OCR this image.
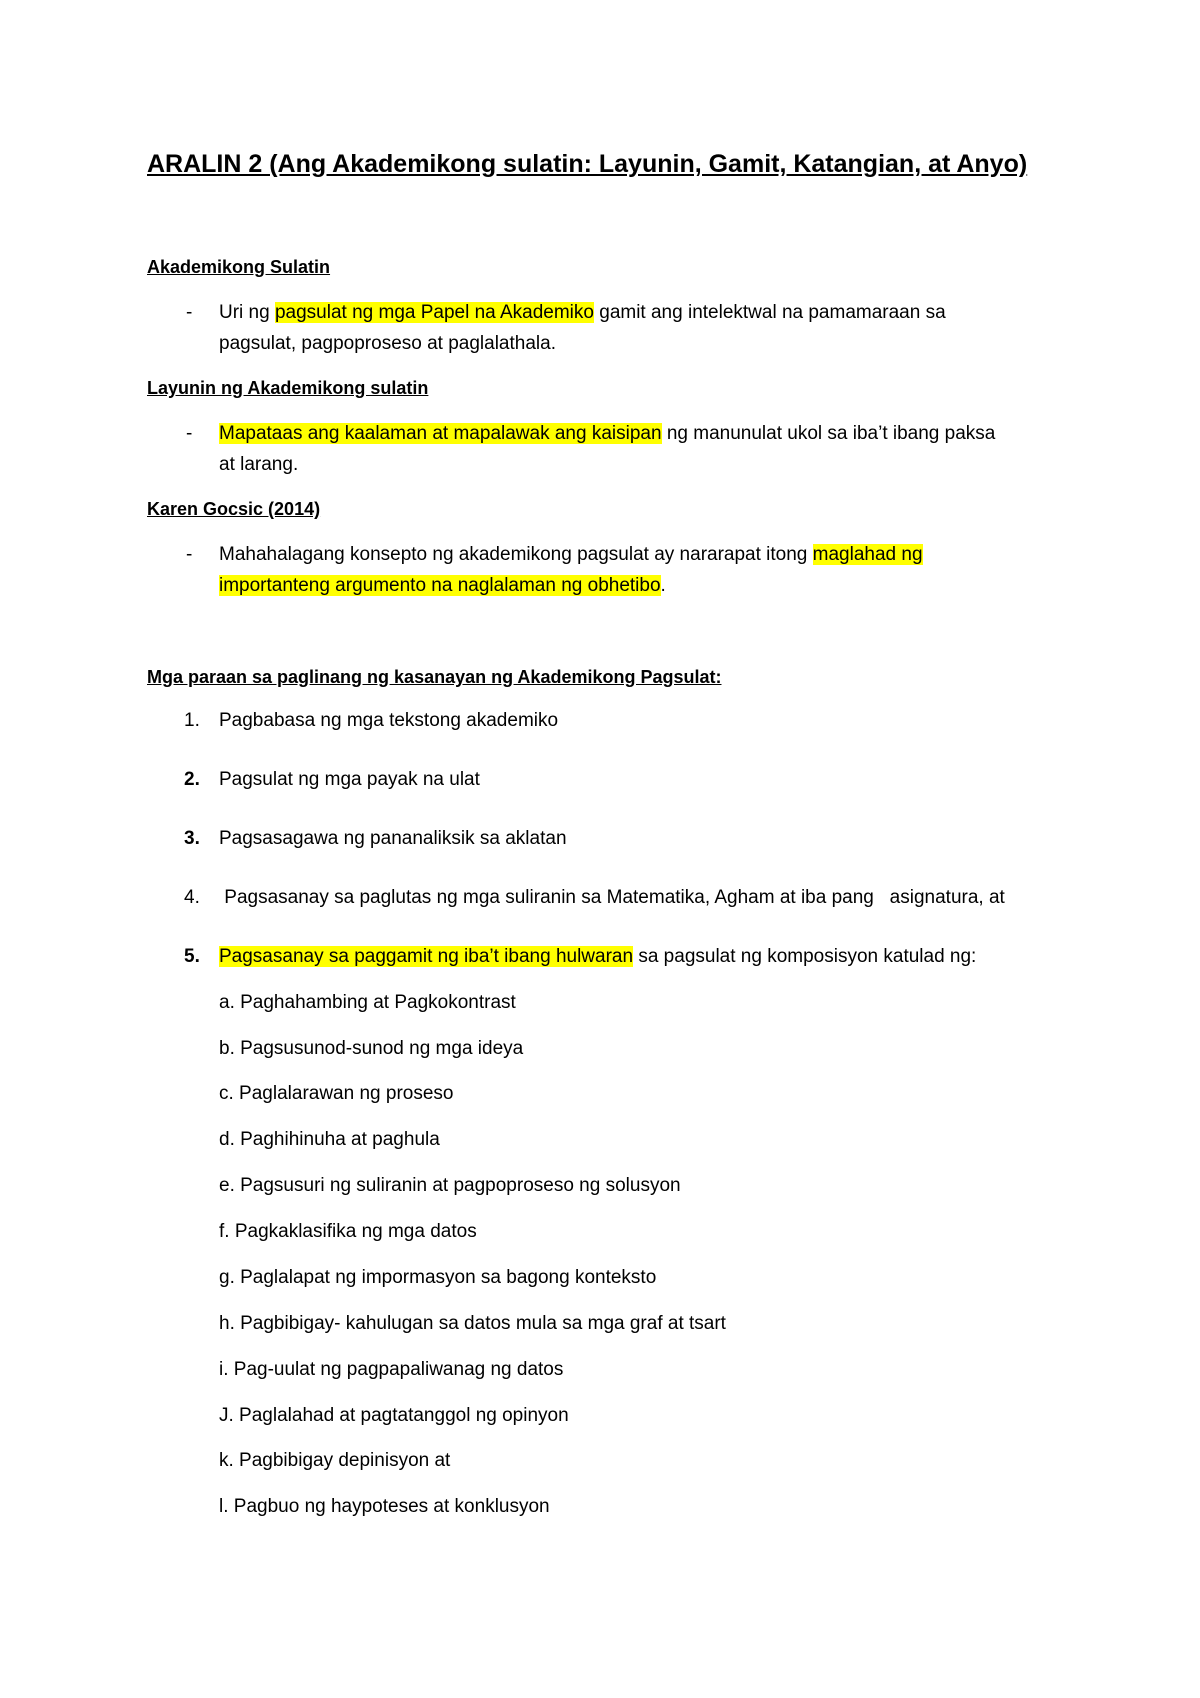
ARALIN 2 (Ang Akademikong sulatin: Layunin, Gamit, Katangian, at Anyo)
Akademikong Sulatin
- Uri ng pagsulat ng mga Papel na Akademiko gamit ang intelektwal na pamamaraan sa
pagsulat, pagpoproseso at paglalathala.
Layunin ng Akademikong sulatin
- Mapataas ang kaalaman at mapalawak ang kaisipan ng manunulat ukol sa iba’t ibang paksa
at larang.
Karen Gocsic (2014)
- Mahahalagang konsepto ng akademikong pagsulat ay nararapat itong maglahad ng
importanteng argumento na naglalaman ng obhetibo.
Mga paraan sa paglinang ng kasanayan ng Akademikong Pagsulat:
1. Pagbabasa ng mga tekstong akademiko
2. Pagsulat ng mga payak na ulat
3. Pagsasagawa ng pananaliksik sa aklatan
4. Pagsasanay sa paglutas ng mga suliranin sa Matematika, Agham at iba pang   asignatura, at
5. Pagsasanay sa paggamit ng iba’t ibang hulwaran sa pagsulat ng komposisyon katulad ng:
a. Paghahambing at Pagkokontrast
b. Pagsusunod-sunod ng mga ideya
c. Paglalarawan ng proseso
d. Paghihinuha at paghula
e. Pagsusuri ng suliranin at pagpoproseso ng solusyon
f. Pagkaklasifika ng mga datos
g. Paglalapat ng impormasyon sa bagong konteksto
h. Pagbibigay- kahulugan sa datos mula sa mga graf at tsart
i. Pag-uulat ng pagpapaliwanag ng datos
J. Paglalahad at pagtatanggol ng opinyon
k. Pagbibigay depinisyon at
l. Pagbuo ng haypoteses at konklusyon
